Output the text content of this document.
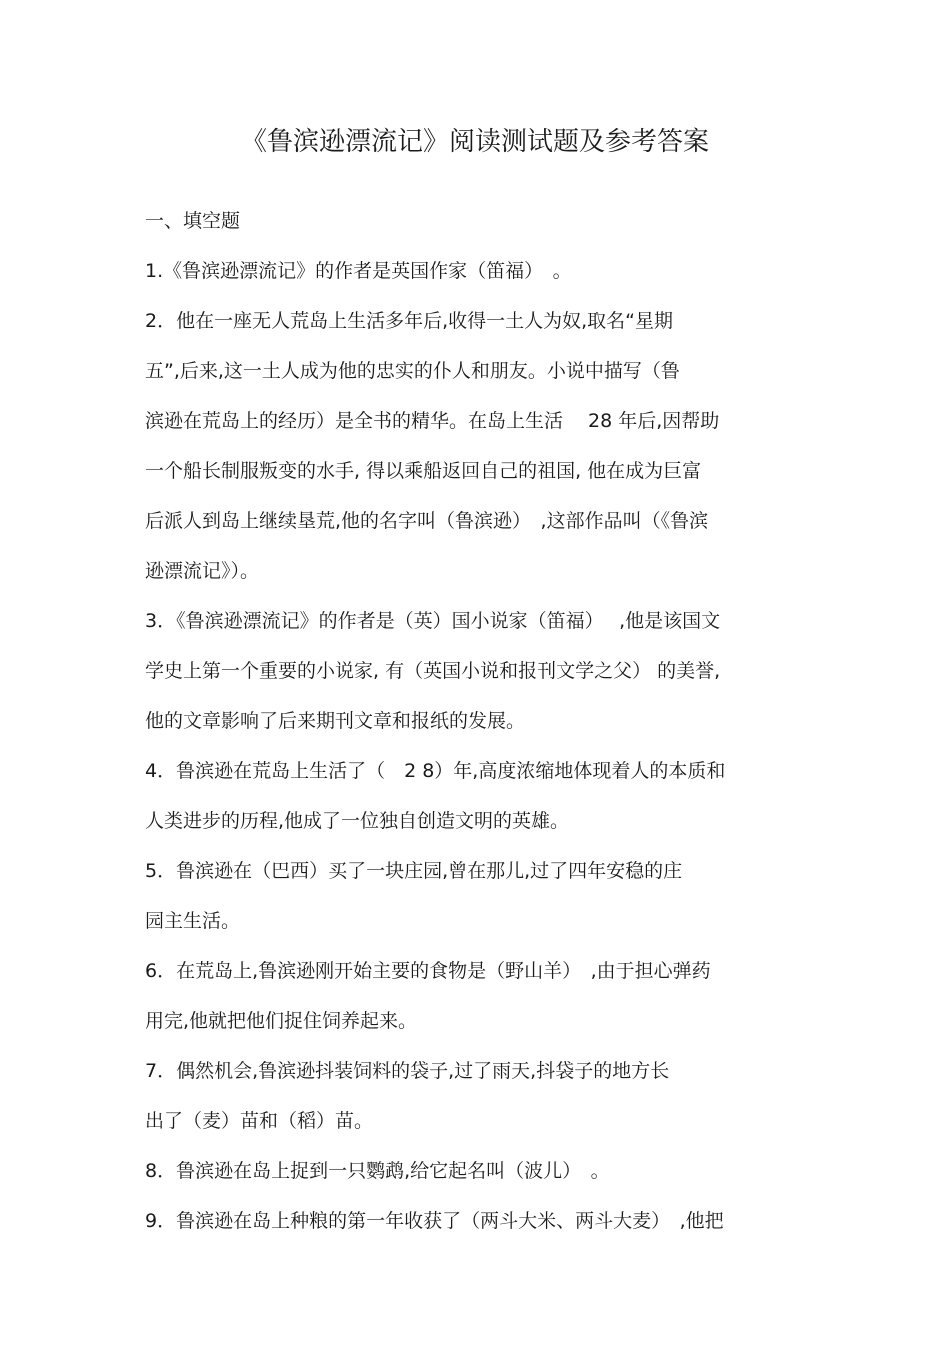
《鲁滨逊漂流记》阅读测试题及参考答案
一、填空题
1.《鲁滨逊漂流记》的作者是英国作家（笛福）　。
2．他在一座无人荒岛上生活多年后,收得一土人为奴,取名“星期
五”,后来,这一土人成为他的忠实的仆人和朋友。小说中描写（鲁
滨逊在荒岛上的经历）是全书的精华。在岛上生活　 28 年后,因帮助
一个船长制服叛变的水手, 得以乘船返回自己的祖国, 他在成为巨富
后派人到岛上继续垦荒,他的名字叫（鲁滨逊）　,这部作品叫（《鲁滨
逊漂流记》）。
3．《鲁滨逊漂流记》的作者是（英）国小说家（笛福）　 ,他是该国文
学史上第一个重要的小说家, 有（英国小说和报刊文学之父） 的美誉,
他的文章影响了后来期刊文章和报纸的发展。
4．鲁滨逊在荒岛上生活了（　2 8）年,高度浓缩地体现着人的本质和
人类进步的历程,他成了一位独自创造文明的英雄。
5．鲁滨逊在（巴西）买了一块庄园,曾在那儿,过了四年安稳的庄
园主生活。
6．在荒岛上,鲁滨逊刚开始主要的食物是（野山羊）　,由于担心弹药
用完,他就把他们捉住饲养起来。
7．偶然机会,鲁滨逊抖装饲料的袋子,过了雨天,抖袋子的地方长
出了（麦）苗和（稻）苗。
8．鲁滨逊在岛上捉到一只鹦鹉,给它起名叫（波儿）　。
9．鲁滨逊在岛上种粮的第一年收获了（两斗大米、两斗大麦）　,他把
